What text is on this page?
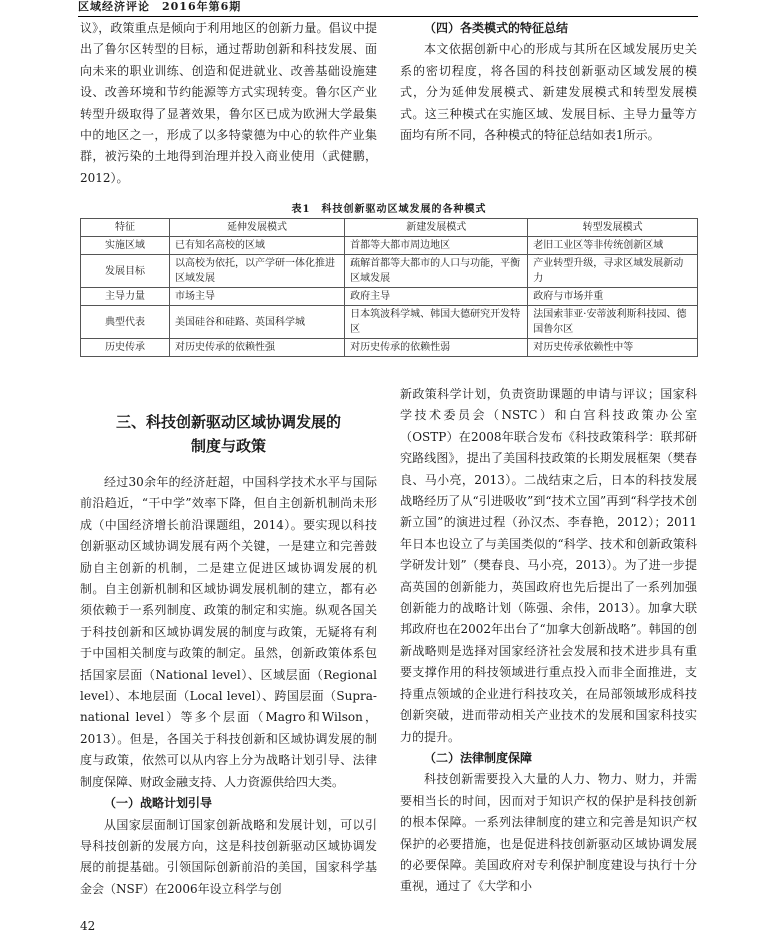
区域经济评论　2016年第6期

议》，政策重点是倾向于利用地区的创新力量。倡议中提出了鲁尔区转型的目标，通过帮助创新和科技发展、面向未来的职业训练、创造和促进就业、改善基础设施建设、改善环境和节约能源等方式实现转变。鲁尔区产业转型升级取得了显著效果，鲁尔区已成为欧洲大学最集中的地区之一，形成了以多特蒙德为中心的软件产业集群，被污染的土地得到治理并投入商业使用（武健鹏，2012）。

（四）各类模式的特征总结

本文依据创新中心的形成与其所在区域发展历史关系的密切程度，将各国的科技创新驱动区域发展的模式，分为延伸发展模式、新建发展模式和转型发展模式。这三种模式在实施区域、发展目标、主导力量等方面均有所不同，各种模式的特征总结如表1所示。

表1　科技创新驱动区域发展的各种模式
特征	延伸发展模式	新建发展模式	转型发展模式
实施区域	已有知名高校的区域	首都等大都市周边地区	老旧工业区等非传统创新区域
发展目标	以高校为依托，以产学研一体化推进区域发展	疏解首都等大都市的人口与功能，平衡区域发展	产业转型升级，寻求区域发展新动力
主导力量	市场主导	政府主导	政府与市场并重
典型代表	美国硅谷和硅路、英国科学城	日本筑波科学城、韩国大德研究开发特区	法国索菲亚·安蒂波利斯科技园、德国鲁尔区
历史传承	对历史传承的依赖性强	对历史传承的依赖性弱	对历史传承依赖性中等

三、科技创新驱动区域协调发展的

制度与政策

经过30余年的经济赶超，中国科学技术水平与国际前沿趋近，“干中学”效率下降，但自主创新机制尚未形成（中国经济增长前沿课题组，2014）。要实现以科技创新驱动区域协调发展有两个关键，一是建立和完善鼓励自主创新的机制，二是建立促进区域协调发展的机制。自主创新机制和区域协调发展机制的建立，都有必须依赖于一系列制度、政策的制定和实施。纵观各国关于科技创新和区域协调发展的制度与政策，无疑将有利于中国相关制度与政策的制定。虽然，创新政策体系包括国家层面（National level）、区域层面（Regional level）、本地层面（Local level）、跨国层面（Supra-national level）等多个层面（Magro和Wilson，2013）。但是，各国关于科技创新和区域协调发展的制度与政策，依然可以从内容上分为战略计划引导、法律制度保障、财政金融支持、人力资源供给四大类。

（一）战略计划引导

从国家层面制订国家创新战略和发展计划，可以引导科技创新的发展方向，这是科技创新驱动区域协调发展的前提基础。引领国际创新前沿的美国，国家科学基金会（NSF）在2006年设立科学与创

新政策科学计划，负责资助课题的申请与评议；国家科学技术委员会（NSTC）和白宫科技政策办公室（OSTP）在2008年联合发布《科技政策科学：联邦研究路线图》，提出了美国科技政策的长期发展框架（樊春良、马小亮，2013）。二战结束之后，日本的科技发展战略经历了从“引进吸收”到“技术立国”再到“科学技术创新立国”的演进过程（孙汉杰、李春艳，2012）；2011年日本也设立了与美国类似的“科学、技术和创新政策科学研发计划”（樊春良、马小亮，2013）。为了进一步提高英国的创新能力，英国政府也先后提出了一系列加强创新能力的战略计划（陈强、余伟，2013）。加拿大联邦政府也在2002年出台了“加拿大创新战略”。韩国的创新战略则是选择对国家经济社会发展和技术进步具有重要支撑作用的科技领域进行重点投入而非全面推进，支持重点领域的企业进行科技攻关，在局部领域形成科技创新突破，进而带动相关产业技术的发展和国家科技实力的提升。

（二）法律制度保障

科技创新需要投入大量的人力、物力、财力，并需要相当长的时间，因而对于知识产权的保护是科技创新的根本保障。一系列法律制度的建立和完善是知识产权保护的必要措施，也是促进科技创新驱动区域协调发展的必要保障。美国政府对专利保护制度建设与执行十分重视，通过了《大学和小

42
